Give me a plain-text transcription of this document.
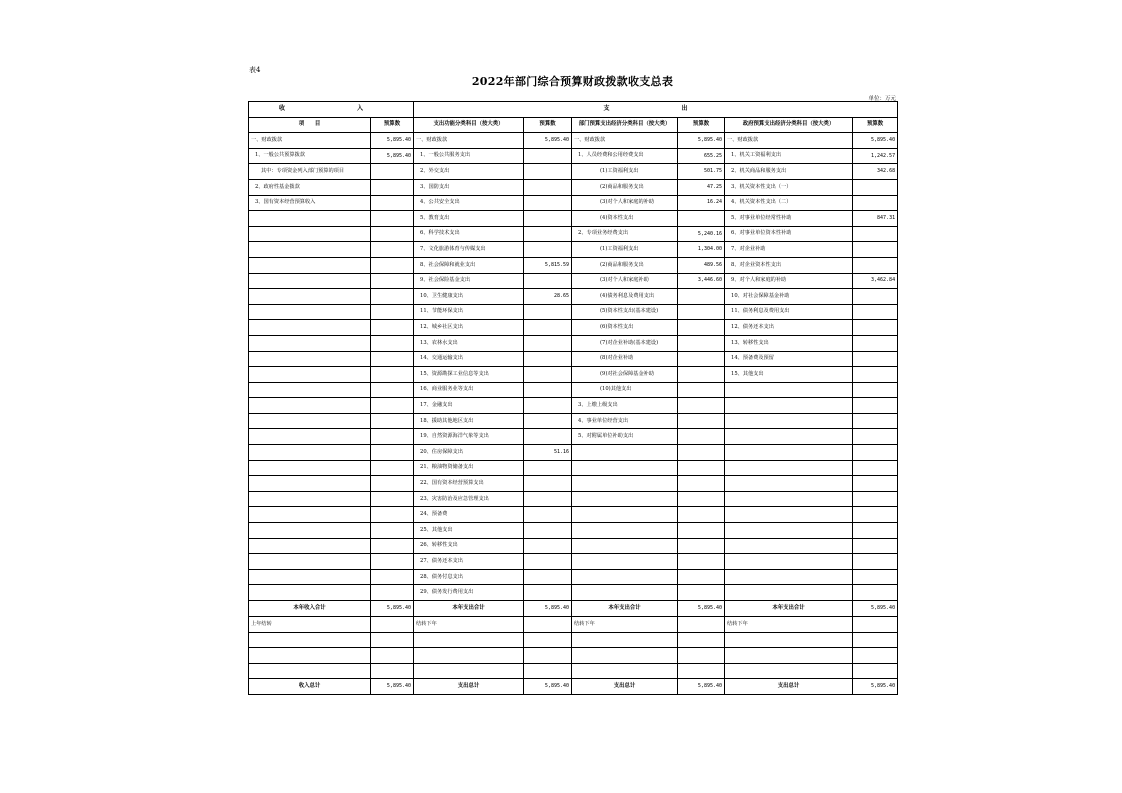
表4
2022年部门综合预算财政拨款收支总表
单位：万元
收　　入		支　　出					
项　　目	预算数	支出功能分类科目（按大类）	预算数	部门预算支出经济分类科目（按大类）	预算数	政府预算支出经济分类科目（按大类）	预算数
一、财政拨款	5,895.40	一、财政拨款	5,895.40	一、财政拨款	5,895.40	一、财政拨款	5,895.40
1、一般公共预算拨款	5,895.40	1、一般公共服务支出		1、人员经费和公用经费支出	655.25	1、机关工资福利支出	1,242.57
其中：专项资金列入部门预算的项目		2、外交支出		(1)工资福利支出	501.75	2、机关商品和服务支出	342.68
2、政府性基金拨款		3、国防支出		(2)商品和服务支出	47.25	3、机关资本性支出（一）	
3、国有资本经营预算收入		4、公共安全支出		(3)对个人和家庭的补助	16.24	4、机关资本性支出（二）	
		5、教育支出		(4)资本性支出		5、对事业单位经常性补助	847.31
		6、科学技术支出		2、专项业务经费支出	5,240.16	6、对事业单位资本性补助	
		7、文化旅游体育与传媒支出		(1)工资福利支出	1,304.00	7、对企业补助	
		8、社会保障和就业支出	5,815.59	(2)商品和服务支出	489.56	8、对企业资本性支出	
		9、社会保险基金支出		(3)对个人和家庭补助	3,446.60	9、对个人和家庭的补助	3,462.84
		10、卫生健康支出	28.65	(4)债务利息及费用支出		10、对社会保障基金补助	
		11、节能环保支出		(5)资本性支出(基本建设)		11、债务利息及费用支出	
		12、城乡社区支出		(6)资本性支出		12、债务还本支出	
		13、农林水支出		(7)对企业补助(基本建设)		13、转移性支出	
		14、交通运输支出		(8)对企业补助		14、预备费及预留	
		15、资源勘探工业信息等支出		(9)对社会保障基金补助		15、其他支出	
		16、商业服务业等支出		(10)其他支出			
		17、金融支出		3、上缴上级支出			
		18、援助其他地区支出		4、事业单位经营支出			
		19、自然资源海洋气象等支出		5、对附属单位补助支出			
		20、住房保障支出	51.16				
		21、粮油物资储备支出					
		22、国有资本经营预算支出					
		23、灾害防治及应急管理支出					
		24、预备费					
		25、其他支出					
		26、转移性支出					
		27、债务还本支出					
		28、债务付息支出					
		29、债务发行费用支出					
本年收入合计	5,895.40	本年支出合计	5,895.40	本年支出合计	5,895.40	本年支出合计	5,895.40
上年结转		结转下年		结转下年		结转下年	

收入总计	5,895.40	支出总计	5,895.40	支出总计	5,895.40	支出总计	5,895.40
